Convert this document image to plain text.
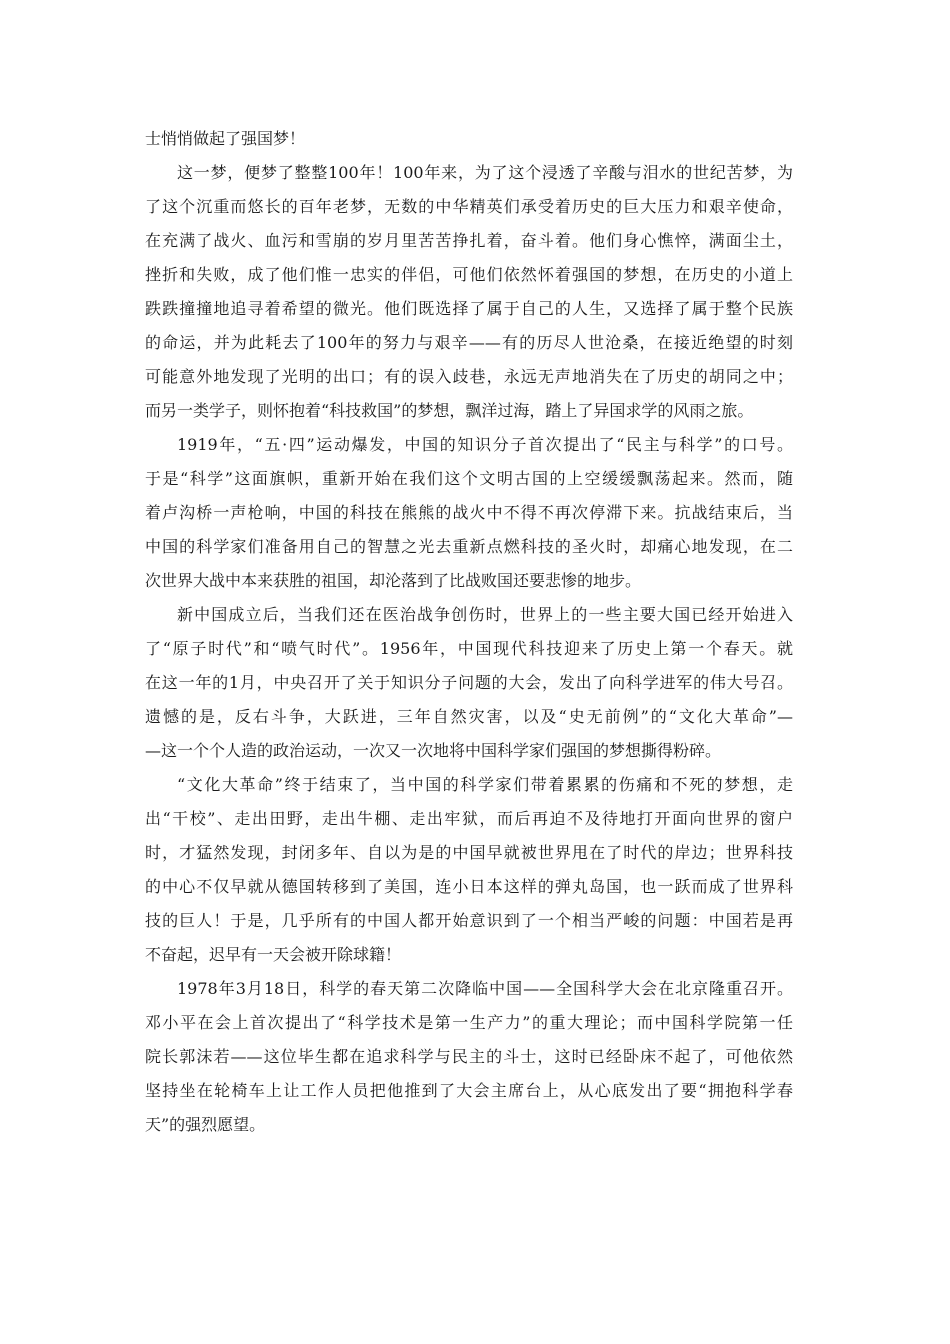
士悄悄做起了强国梦！
这一梦，便梦了整整100年！100年来，为了这个浸透了辛酸与泪水的世纪苦梦，为
了这个沉重而悠长的百年老梦，无数的中华精英们承受着历史的巨大压力和艰辛使命，
在充满了战火、血污和雪崩的岁月里苦苦挣扎着，奋斗着。他们身心憔悴，满面尘土，
挫折和失败，成了他们惟一忠实的伴侣，可他们依然怀着强国的梦想，在历史的小道上
跌跌撞撞地追寻着希望的微光。他们既选择了属于自己的人生，又选择了属于整个民族
的命运，并为此耗去了100年的努力与艰辛——有的历尽人世沧桑，在接近绝望的时刻
可能意外地发现了光明的出口；有的误入歧巷，永远无声地消失在了历史的胡同之中；
而另一类学子，则怀抱着“科技救国”的梦想，飘洋过海，踏上了异国求学的风雨之旅。
1919年，“五·四”运动爆发，中国的知识分子首次提出了“民主与科学”的口号。
于是“科学”这面旗帜，重新开始在我们这个文明古国的上空缓缓飘荡起来。然而，随
着卢沟桥一声枪响，中国的科技在熊熊的战火中不得不再次停滞下来。抗战结束后，当
中国的科学家们准备用自己的智慧之光去重新点燃科技的圣火时，却痛心地发现，在二
次世界大战中本来获胜的祖国，却沦落到了比战败国还要悲惨的地步。
新中国成立后，当我们还在医治战争创伤时，世界上的一些主要大国已经开始进入
了“原子时代”和“喷气时代”。1956年，中国现代科技迎来了历史上第一个春天。就
在这一年的1月，中央召开了关于知识分子问题的大会，发出了向科学进军的伟大号召。
遗憾的是，反右斗争，大跃进，三年自然灾害，以及“史无前例”的“文化大革命”—
—这一个个人造的政治运动，一次又一次地将中国科学家们强国的梦想撕得粉碎。
“文化大革命”终于结束了，当中国的科学家们带着累累的伤痛和不死的梦想，走
出“干校”、走出田野，走出牛棚、走出牢狱，而后再迫不及待地打开面向世界的窗户
时，才猛然发现，封闭多年、自以为是的中国早就被世界甩在了时代的岸边；世界科技
的中心不仅早就从德国转移到了美国，连小日本这样的弹丸岛国，也一跃而成了世界科
技的巨人！于是，几乎所有的中国人都开始意识到了一个相当严峻的问题：中国若是再
不奋起，迟早有一天会被开除球籍！
1978年3月18日，科学的春天第二次降临中国——全国科学大会在北京隆重召开。
邓小平在会上首次提出了“科学技术是第一生产力”的重大理论；而中国科学院第一任
院长郭沫若——这位毕生都在追求科学与民主的斗士，这时已经卧床不起了，可他依然
坚持坐在轮椅车上让工作人员把他推到了大会主席台上，从心底发出了要“拥抱科学春
天”的强烈愿望。
